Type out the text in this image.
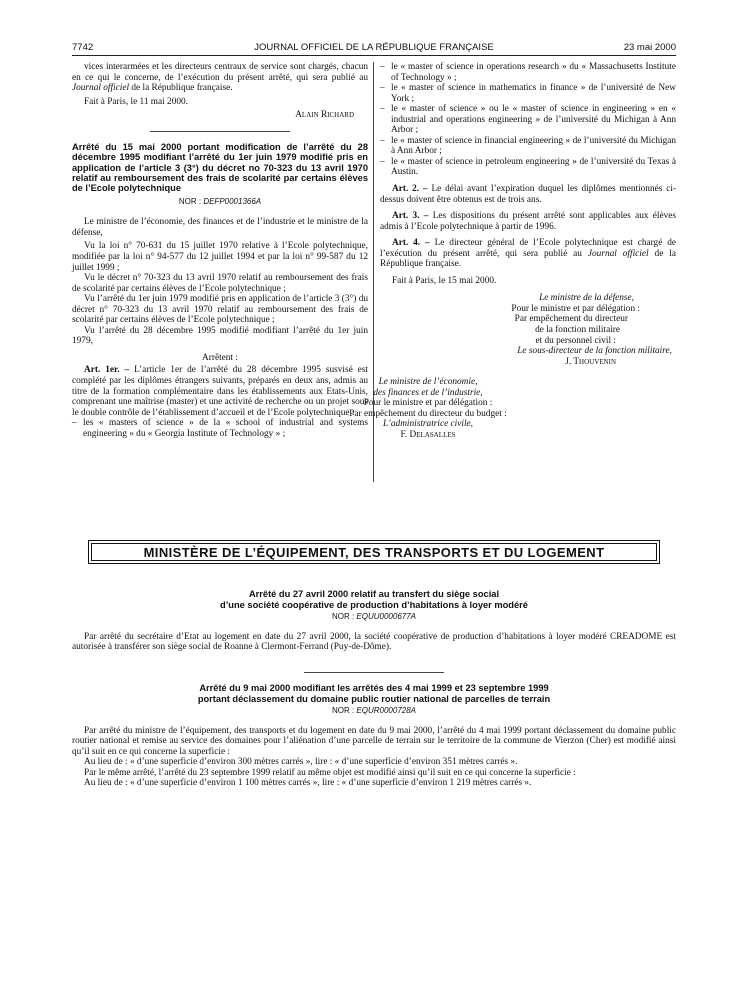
7742	JOURNAL OFFICIEL DE LA RÉPUBLIQUE FRANÇAISE	23 mai 2000

vices interarmées et les directeurs centraux de service sont chargés, chacun en ce qui le concerne, de l’exécution du présent arrêté, qui sera publié au Journal officiel de la République française.

Fait à Paris, le 11 mai 2000.

Alain Richard

Arrêté du 15 mai 2000 portant modification de l’arrêté du 28 décembre 1995 modifiant l’arrêté du 1er juin 1979 modifié pris en application de l’article 3 (3°) du décret no 70-323 du 13 avril 1970 relatif au remboursement des frais de scolarité par certains élèves de l’Ecole polytechnique

NOR : DEFP0001366A

Le ministre de l’économie, des finances et de l’industrie et le ministre de la défense,

Vu la loi n° 70-631 du 15 juillet 1970 relative à l’Ecole polytechnique, modifiée par la loi n° 94-577 du 12 juillet 1994 et par la loi n° 99-587 du 12 juillet 1999 ;

Vu le décret n° 70-323 du 13 avril 1970 relatif au remboursement des frais de scolarité par certains élèves de l’Ecole polytechnique ;

Vu l’arrêté du 1er juin 1979 modifié pris en application de l’article 3 (3°) du décret n° 70-323 du 13 avril 1970 relatif au remboursement des frais de scolarité par certains élèves de l’Ecole polytechnique ;

Vu l’arrêté du 28 décembre 1995 modifié modifiant l’arrêté du 1er juin 1979,

Arrêtent :

Art. 1er. – L’article 1er de l’arrêté du 28 décembre 1995 susvisé est complété par les diplômes étrangers suivants, préparés en deux ans, admis au titre de la formation complémentaire dans les établissements aux Etats-Unis, comprenant une maîtrise (master) et une activité de recherche ou un projet sous le double contrôle de l’établissement d’accueil et de l’Ecole polytechnique :

– les « masters of science » de la « school of industrial and systems engineering » du « Georgia Institute of Technology » ;
– le « master of science in operations research » du « Massachusetts Institute of Technology » ;
– le « master of science in mathematics in finance » de l’université de New York ;
– le « master of science » ou le « master of science in engineering » en « industrial and operations engineering » de l’université du Michigan à Ann Arbor ;
– le « master of science in financial engineering » de l’université du Michigan à Ann Arbor ;
– le « master of science in petroleum engineering » de l’université du Texas à Austin.

Art. 2. – Le délai avant l’expiration duquel les diplômes mentionnés ci-dessus doivent être obtenus est de trois ans.

Art. 3. – Les dispositions du présent arrêté sont applicables aux élèves admis à l’Ecole polytechnique à partir de 1996.

Art. 4. – Le directeur général de l’Ecole polytechnique est chargé de l’exécution du présent arrêté, qui sera publié au Journal officiel de la République française.

Fait à Paris, le 15 mai 2000.

Le ministre de la défense,

Pour le ministre et par délégation :

Par empêchement du directeur

de la fonction militaire

et du personnel civil :

Le sous-directeur de la fonction militaire,

J. Thouvenin

Le ministre de l’économie,

des finances et de l’industrie,

Pour le ministre et par délégation :

Par empêchement du directeur du budget :

L’administratrice civile,

F. Delasalles

MINISTÈRE DE L’ÉQUIPEMENT, DES TRANSPORTS ET DU LOGEMENT

Arrêté du 27 avril 2000 relatif au transfert du siège social

d’une société coopérative de production d’habitations à loyer modéré

NOR : EQUU0000677A

Par arrêté du secrétaire d’Etat au logement en date du 27 avril 2000, la société coopérative de production d’habitations à loyer modéré CREADOME est autorisée à transférer son siège social de Roanne à Clermont-Ferrand (Puy-de-Dôme).

Arrêté du 9 mai 2000 modifiant les arrêtés des 4 mai 1999 et 23 septembre 1999

portant déclassement du domaine public routier national de parcelles de terrain

NOR : EQUR0000728A

Par arrêté du ministre de l’équipement, des transports et du logement en date du 9 mai 2000, l’arrêté du 4 mai 1999 portant déclassement du domaine public routier national et remise au service des domaines pour l’aliénation d’une parcelle de terrain sur le territoire de la commune de Vierzon (Cher) est modifié ainsi qu’il suit en ce qui concerne la superficie :

Au lieu de : « d’une superficie d’environ 300 mètres carrés », lire : « d’une superficie d’environ 351 mètres carrés ».

Par le même arrêté, l’arrêté du 23 septembre 1999 relatif au même objet est modifié ainsi qu’il suit en ce qui concerne la superficie :

Au lieu de : « d’une superficie d’environ 1 100 mètres carrés », lire : « d’une superficie d’environ 1 219 mètres carrés ».
